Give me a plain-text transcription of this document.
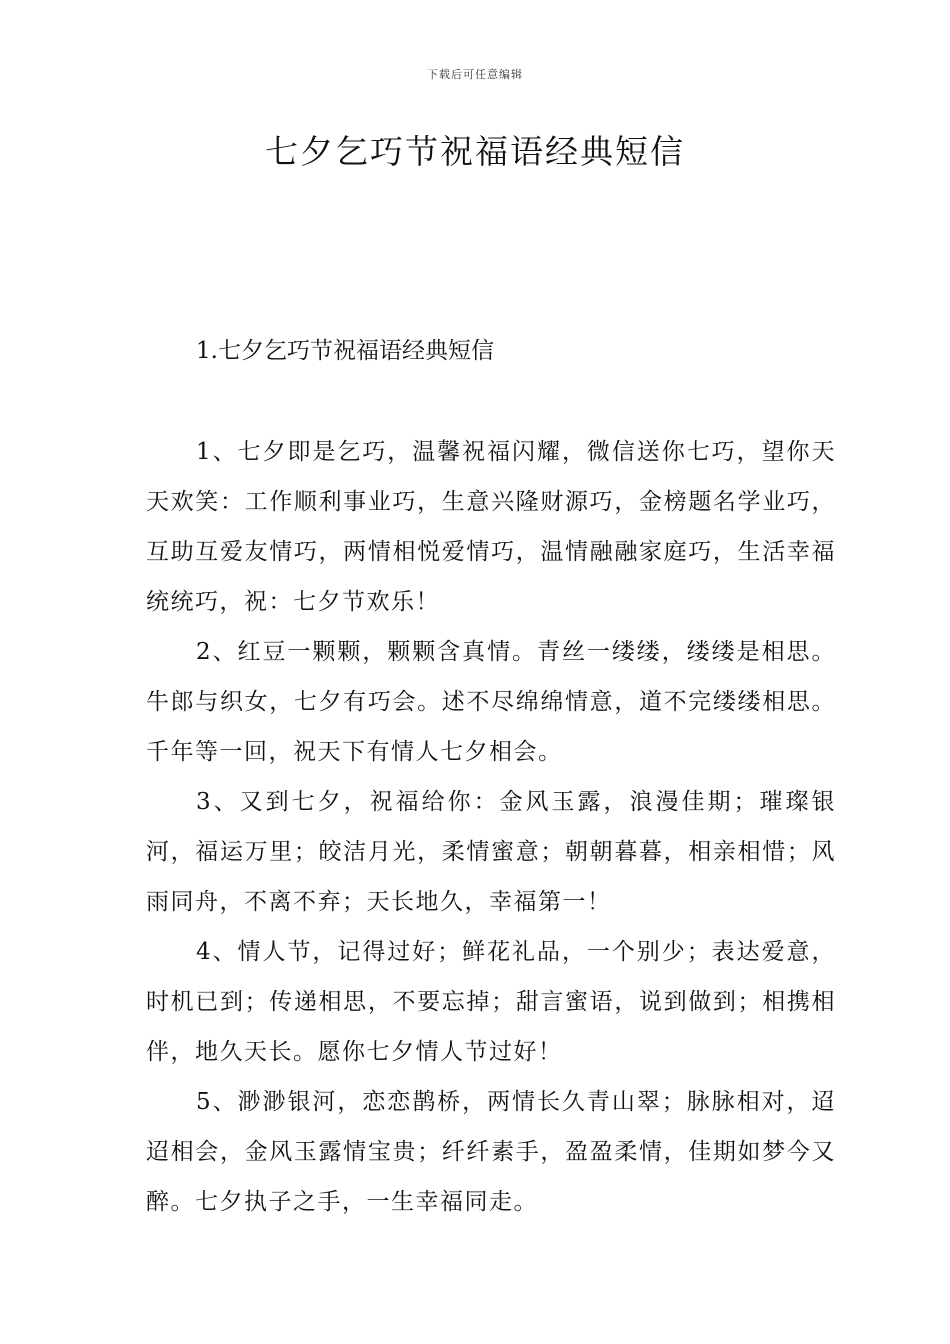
下载后可任意编辑
七夕乞巧节祝福语经典短信
1.七夕乞巧节祝福语经典短信

1、七夕即是乞巧，温馨祝福闪耀，微信送你七巧，望你天天欢笑：工作顺利事业巧，生意兴隆财源巧，金榜题名学业巧，互助互爱友情巧，两情相悦爱情巧，温情融融家庭巧，生活幸福统统巧，祝：七夕节欢乐！

2、红豆一颗颗，颗颗含真情。青丝一缕缕，缕缕是相思。牛郎与织女，七夕有巧会。述不尽绵绵情意，道不完缕缕相思。千年等一回，祝天下有情人七夕相会。

3、又到七夕，祝福给你：金风玉露，浪漫佳期；璀璨银河，福运万里；皎洁月光，柔情蜜意；朝朝暮暮，相亲相惜；风雨同舟，不离不弃；天长地久，幸福第一！

4、情人节，记得过好；鲜花礼品，一个别少；表达爱意，时机已到；传递相思，不要忘掉；甜言蜜语，说到做到；相携相伴，地久天长。愿你七夕情人节过好！

5、渺渺银河，恋恋鹊桥，两情长久青山翠；脉脉相对，迢迢相会，金风玉露情宝贵；纤纤素手，盈盈柔情，佳期如梦今又醉。七夕执子之手，一生幸福同走。
